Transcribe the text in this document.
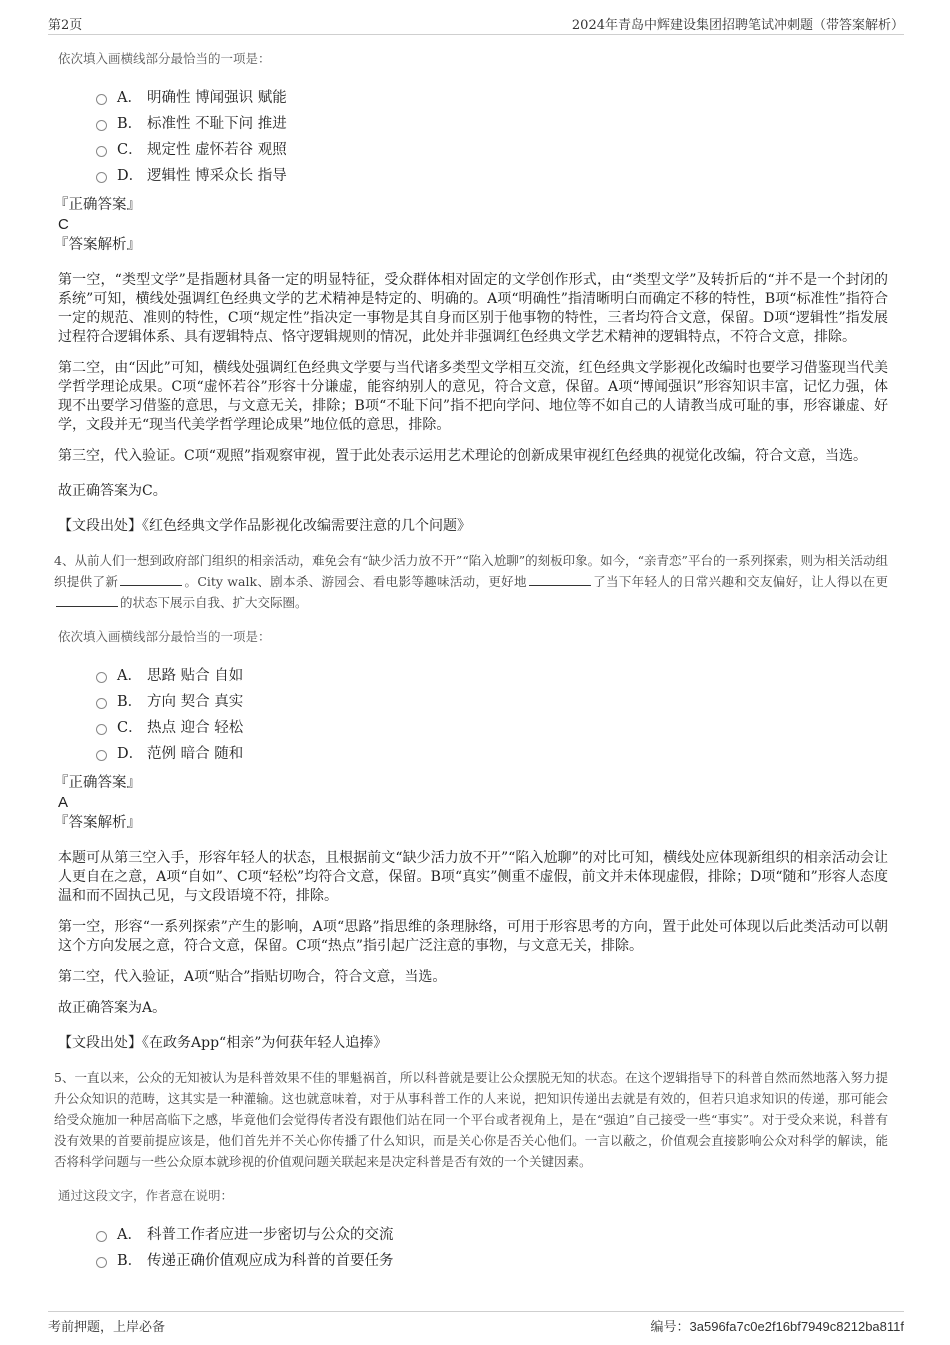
第2页	2024年青岛中辉建设集团招聘笔试冲刺题（带答案解析）
依次填入画横线部分最恰当的一项是：
A． 明确性 博闻强识 赋能
B． 标准性 不耻下问 推进
C． 规定性 虚怀若谷 观照
D． 逻辑性 博采众长 指导
『正确答案』
C
『答案解析』

第一空，“类型文学”是指题材具备一定的明显特征，受众群体相对固定的文学创作形式，由“类型文学”及转折后的“并不是一个封闭的系统”可知，横线处强调红色经典文学的艺术精神是特定的、明确的。A项“明确性”指清晰明白而确定不移的特性，B项“标准性”指符合一定的规范、准则的特性，C项“规定性”指决定一事物是其自身而区别于他事物的特性，三者均符合文意，保留。D项“逻辑性”指发展过程符合逻辑体系、具有逻辑特点、恪守逻辑规则的情况，此处并非强调红色经典文学艺术精神的逻辑特点，不符合文意，排除。

第二空，由“因此”可知，横线处强调红色经典文学要与当代诸多类型文学相互交流，红色经典文学影视化改编时也要学习借鉴现当代美学哲学理论成果。C项“虚怀若谷”形容十分谦虚，能容纳别人的意见，符合文意，保留。A项“博闻强识”形容知识丰富，记忆力强，体现不出要学习借鉴的意思，与文意无关，排除；B项“不耻下问”指不把向学问、地位等不如自己的人请教当成可耻的事，形容谦虚、好学，文段并无“现当代美学哲学理论成果”地位低的意思，排除。

第三空，代入验证。C项“观照”指观察审视，置于此处表示运用艺术理论的创新成果审视红色经典的视觉化改编，符合文意，当选。

故正确答案为C。

【文段出处】《红色经典文学作品影视化改编需要注意的几个问题》

4、从前人们一想到政府部门组织的相亲活动，难免会有“缺少活力放不开”“陷入尬聊”的刻板印象。如今，“亲青恋”平台的一系列探索，则为相关活动组织提供了新	。City walk、剧本杀、游园会、看电影等趣味活动，更好地	了当下年轻人的日常兴趣和交友偏好，让人得以在更的状态下展示自我、扩大交际圈。

依次填入画横线部分最恰当的一项是：
A． 思路 贴合 自如
B． 方向 契合 真实
C． 热点 迎合 轻松
D． 范例 暗合 随和
『正确答案』
A
『答案解析』

本题可从第三空入手，形容年轻人的状态，且根据前文“缺少活力放不开”“陷入尬聊”的对比可知，横线处应体现新组织的相亲活动会让人更自在之意，A项“自如”、C项“轻松”均符合文意，保留。B项“真实”侧重不虚假，前文并未体现虚假，排除；D项“随和”形容人态度温和而不固执己见，与文段语境不符，排除。

第一空，形容“一系列探索”产生的影响，A项“思路”指思维的条理脉络，可用于形容思考的方向，置于此处可体现以后此类活动可以朝这个方向发展之意，符合文意，保留。C项“热点”指引起广泛注意的事物，与文意无关，排除。

第二空，代入验证，A项“贴合”指贴切吻合，符合文意，当选。

故正确答案为A。

【文段出处】《在政务App“相亲”为何获年轻人追捧》

5、一直以来，公众的无知被认为是科普效果不佳的罪魁祸首，所以科普就是要让公众摆脱无知的状态。在这个逻辑指导下的科普自然而然地落入努力提升公众知识的范畴，这其实是一种灌输。这也就意味着，对于从事科普工作的人来说，把知识传递出去就是有效的，但若只追求知识的传递，那可能会给受众施加一种居高临下之感，毕竟他们会觉得传者没有跟他们站在同一个平台或者视角上，是在“强迫”自己接受一些“事实”。对于受众来说，科普有没有效果的首要前提应该是，他们首先并不关心你传播了什么知识，而是关心你是否关心他们。一言以蔽之，价值观会直接影响公众对科学的解读，能否将科学问题与一些公众原本就珍视的价值观问题关联起来是决定科普是否有效的一个关键因素。

通过这段文字，作者意在说明：
A． 科普工作者应进一步密切与公众的交流
B． 传递正确价值观应成为科普的首要任务
考前押题，上岸必备	编号：3a596fa7c0e2f16bf7949c8212ba811f
